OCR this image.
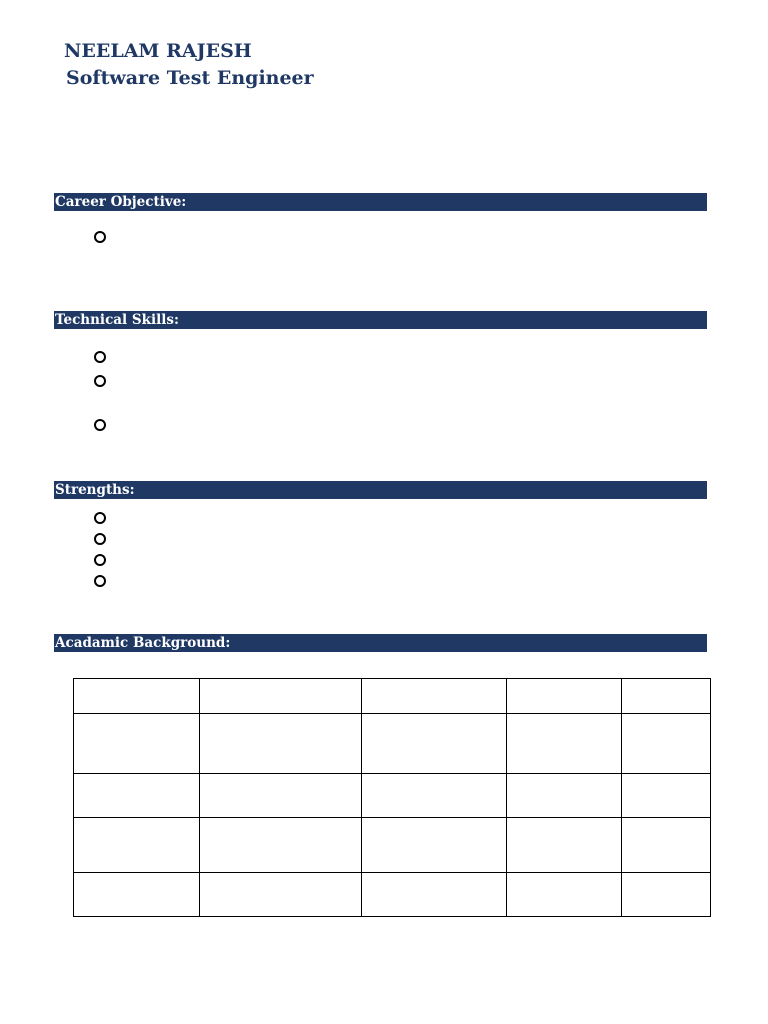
NEELAM RAJESH
Software Test Engineer
Career Objective:
Technical Skills:
Strengths:
Acadamic Background:
